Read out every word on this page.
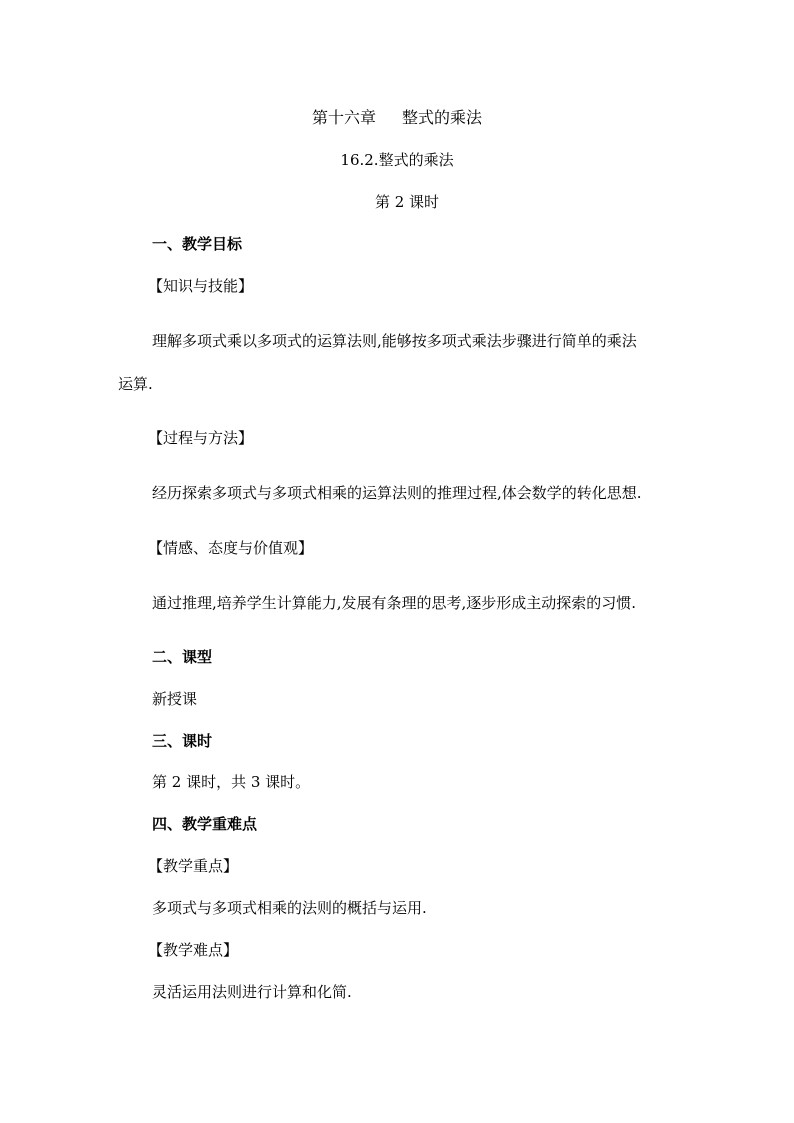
第十六章 整式的乘法
16.2.整式的乘法
第 2 课时
一、教学目标
【知识与技能】
理解多项式乘以多项式的运算法则,能够按多项式乘法步骤进行简单的乘法
运算.
【过程与方法】
经历探索多项式与多项式相乘的运算法则的推理过程,体会数学的转化思想.
【情感、态度与价值观】
通过推理,培养学生计算能力,发展有条理的思考,逐步形成主动探索的习惯.
二、课型
新授课
三、课时
第 2 课时，共 3 课时。
四、教学重难点
【教学重点】
多项式与多项式相乘的法则的概括与运用.
【教学难点】
灵活运用法则进行计算和化简.
